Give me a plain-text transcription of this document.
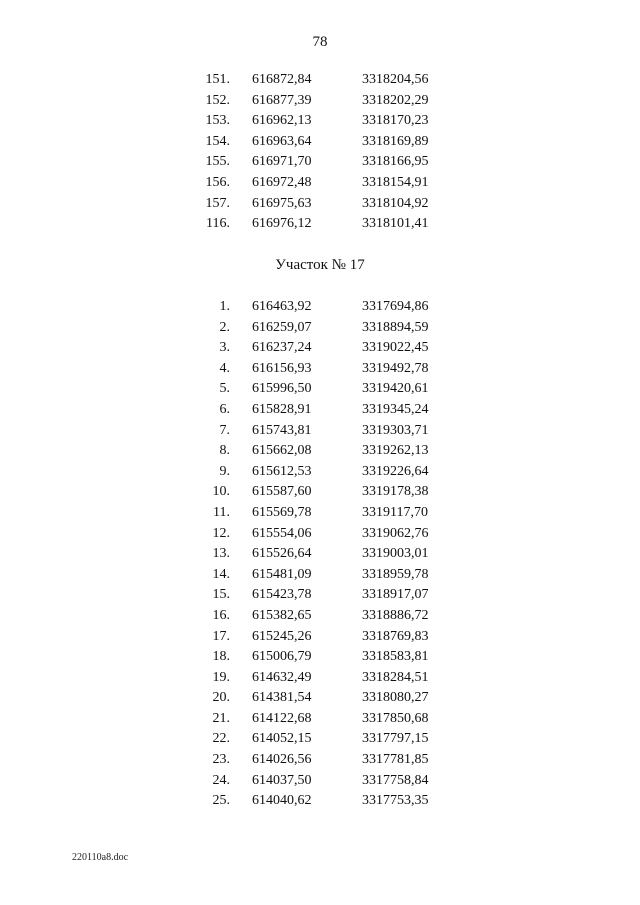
78
151. 616872,84	3318204,56
152. 616877,39	3318202,29
153. 616962,13	3318170,23
154. 616963,64	3318169,89
155. 616971,70	3318166,95
156. 616972,48	3318154,91
157. 616975,63	3318104,92
116. 616976,12	3318101,41
Участок № 17
1. 616463,92	3317694,86
2. 616259,07	3318894,59
3. 616237,24	3319022,45
4. 616156,93	3319492,78
5. 615996,50	3319420,61
6. 615828,91	3319345,24
7. 615743,81	3319303,71
8. 615662,08	3319262,13
9. 615612,53	3319226,64
10. 615587,60	3319178,38
11. 615569,78	3319117,70
12. 615554,06	3319062,76
13. 615526,64	3319003,01
14. 615481,09	3318959,78
15. 615423,78	3318917,07
16. 615382,65	3318886,72
17. 615245,26	3318769,83
18. 615006,79	3318583,81
19. 614632,49	3318284,51
20. 614381,54	3318080,27
21. 614122,68	3317850,68
22. 614052,15	3317797,15
23. 614026,56	3317781,85
24. 614037,50	3317758,84
25. 614040,62	3317753,35
220110a8.doc
